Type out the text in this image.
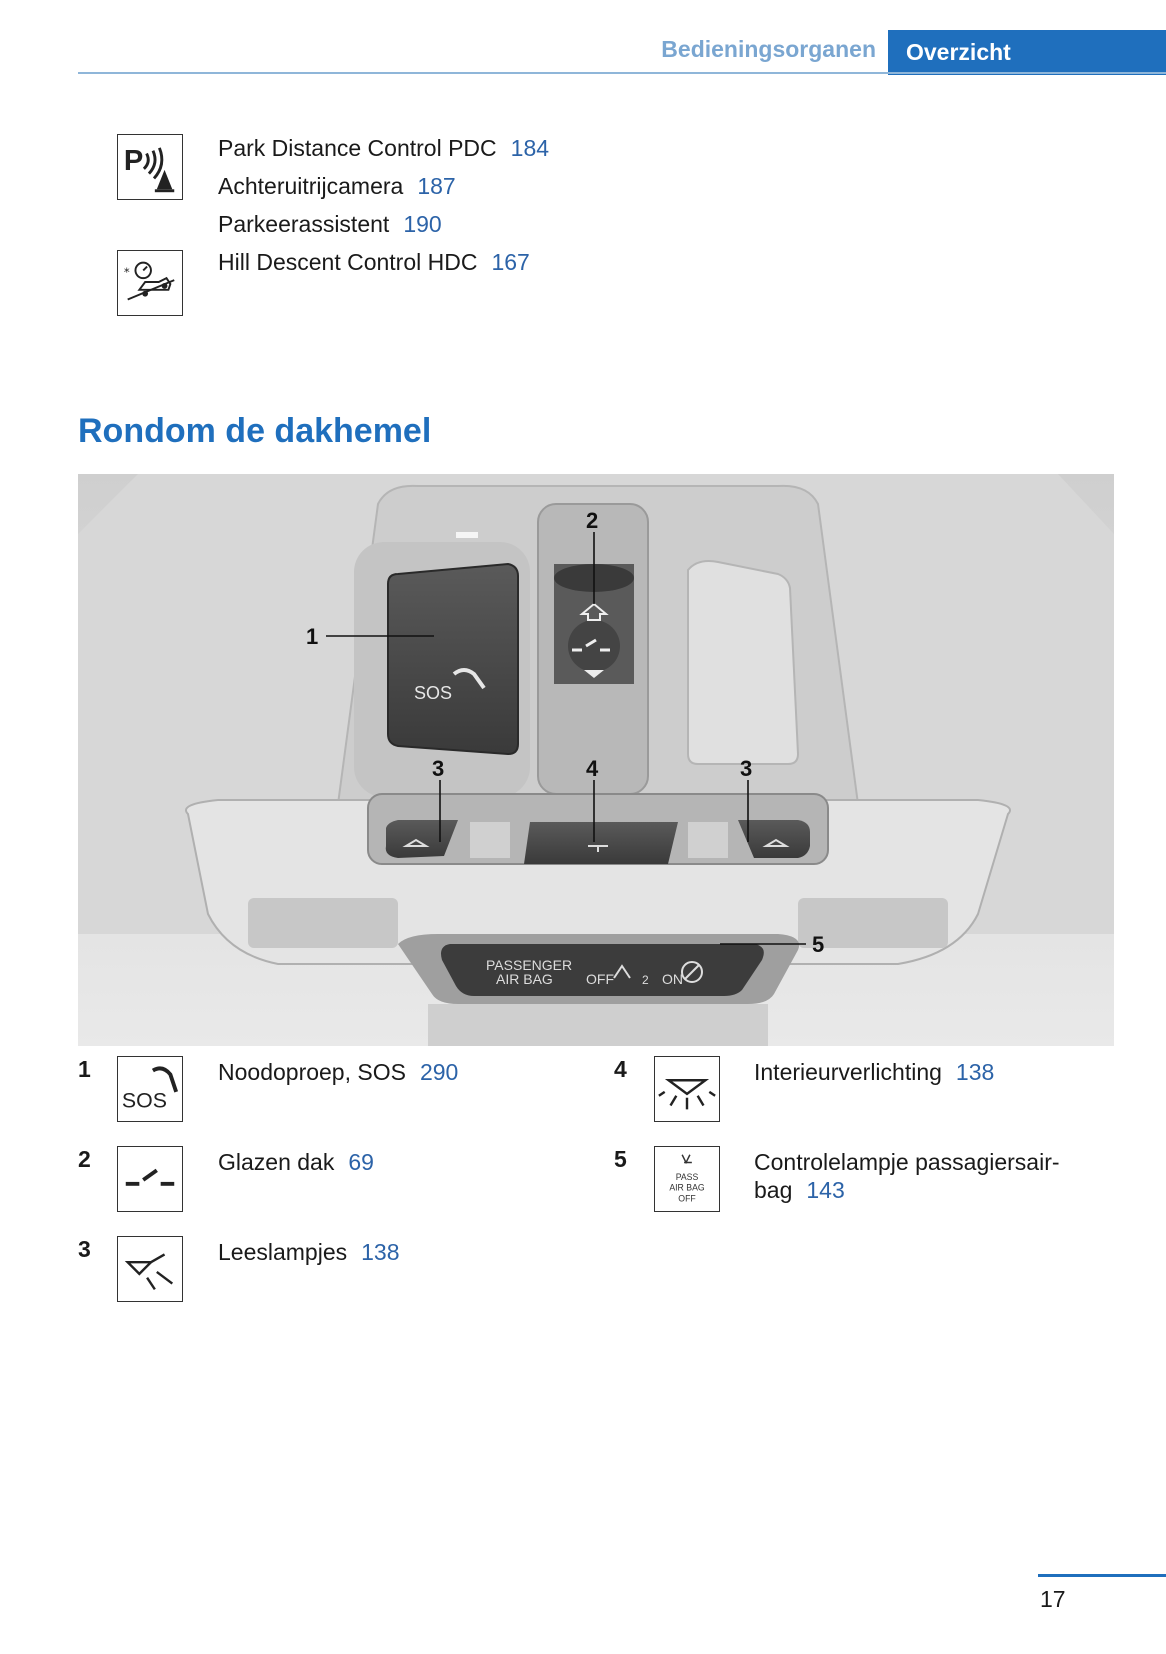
Bedieningsorganen	Overzicht
P	Park Distance Control PDC 184
Achteruitrijcamera 187
Parkeerassistent 190
*	Hill Descent Control HDC 167
Rondom de dakhemel
SOS
PASSENGER
AIR BAG OFF 2 ON
1
2
3	4	3
5
1
SOS
Noodoproep, SOS 290
2	Glazen dak 69
3	Leeslampjes 138
4	Interieurverlichting 138
5
PASS
AIR BAG
OFF
Controlelampje passagiersair-
bag 143
17
